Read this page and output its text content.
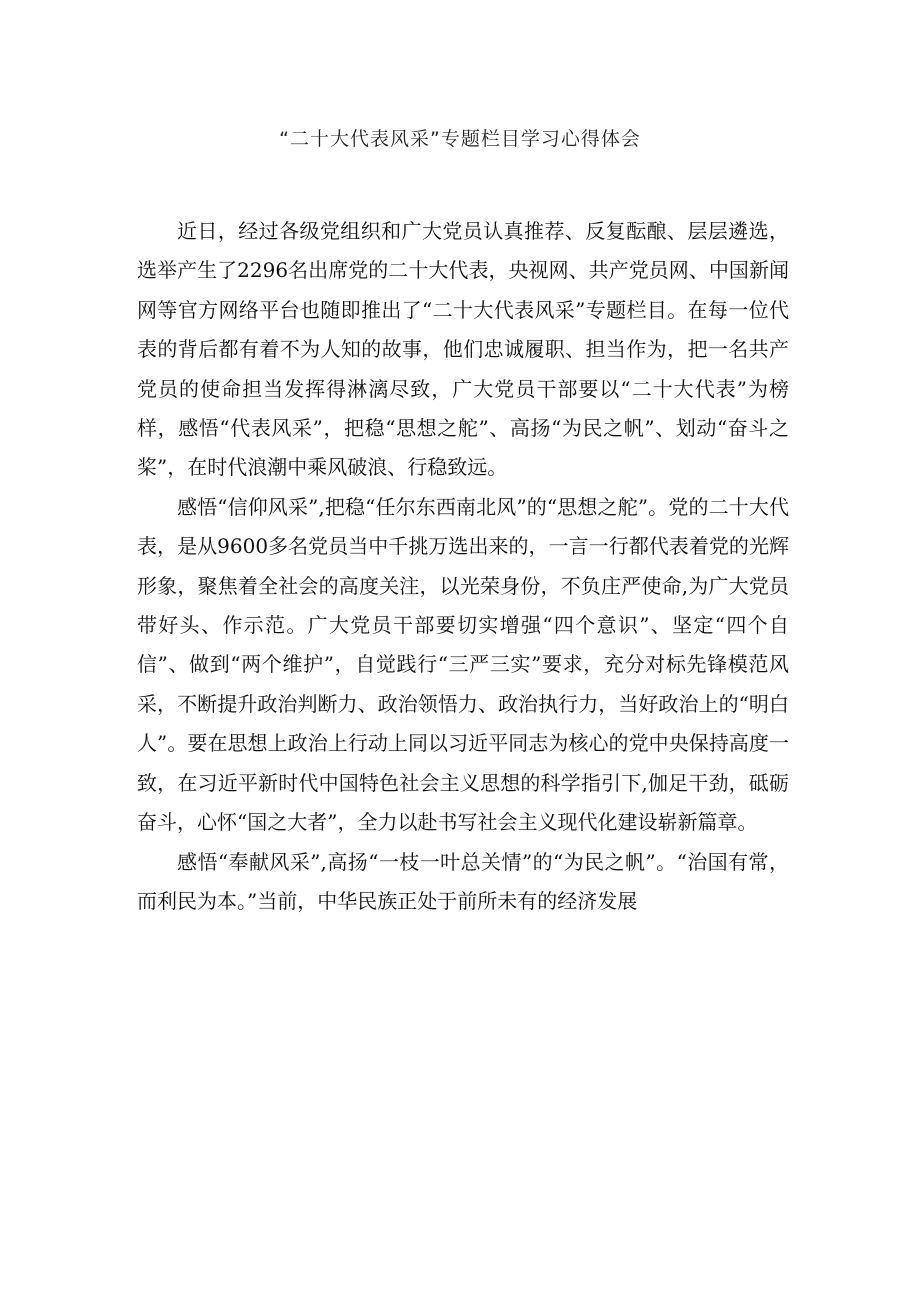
“二十大代表风采”专题栏目学习心得体会

近日，经过各级党组织和广大党员认真推荐、反复酝酿、层层遴选，选举产生了2296名出席党的二十大代表，央视网、共产党员网、中国新闻网等官方网络平台也随即推出了“二十大代表风采”专题栏目。在每一位代表的背后都有着不为人知的故事，他们忠诚履职、担当作为，把一名共产党员的使命担当发挥得淋漓尽致，广大党员干部要以“二十大代表”为榜样，感悟“代表风采”，把稳“思想之舵”、高扬“为民之帆”、划动“奋斗之桨”，在时代浪潮中乘风破浪、行稳致远。

感悟“信仰风采”,把稳“任尔东西南北风”的“思想之舵”。党的二十大代表，是从9600多名党员当中千挑万选出来的，一言一行都代表着党的光辉形象，聚焦着全社会的高度关注，以光荣身份，不负庄严使命,为广大党员带好头、作示范。广大党员干部要切实增强“四个意识”、坚定“四个自信”、做到“两个维护”，自觉践行“三严三实”要求，充分对标先锋模范风采，不断提升政治判断力、政治领悟力、政治执行力，当好政治上的“明白人”。要在思想上政治上行动上同以习近平同志为核心的党中央保持高度一致，在习近平新时代中国特色社会主义思想的科学指引下,伽足干劲，砥砺奋斗，心怀“国之大者”，全力以赴书写社会主义现代化建设崭新篇章。

感悟“奉献风采”,高扬“一枝一叶总关情”的“为民之帆”。“治国有常，而利民为本。”当前，中华民族正处于前所未有的经济发展
